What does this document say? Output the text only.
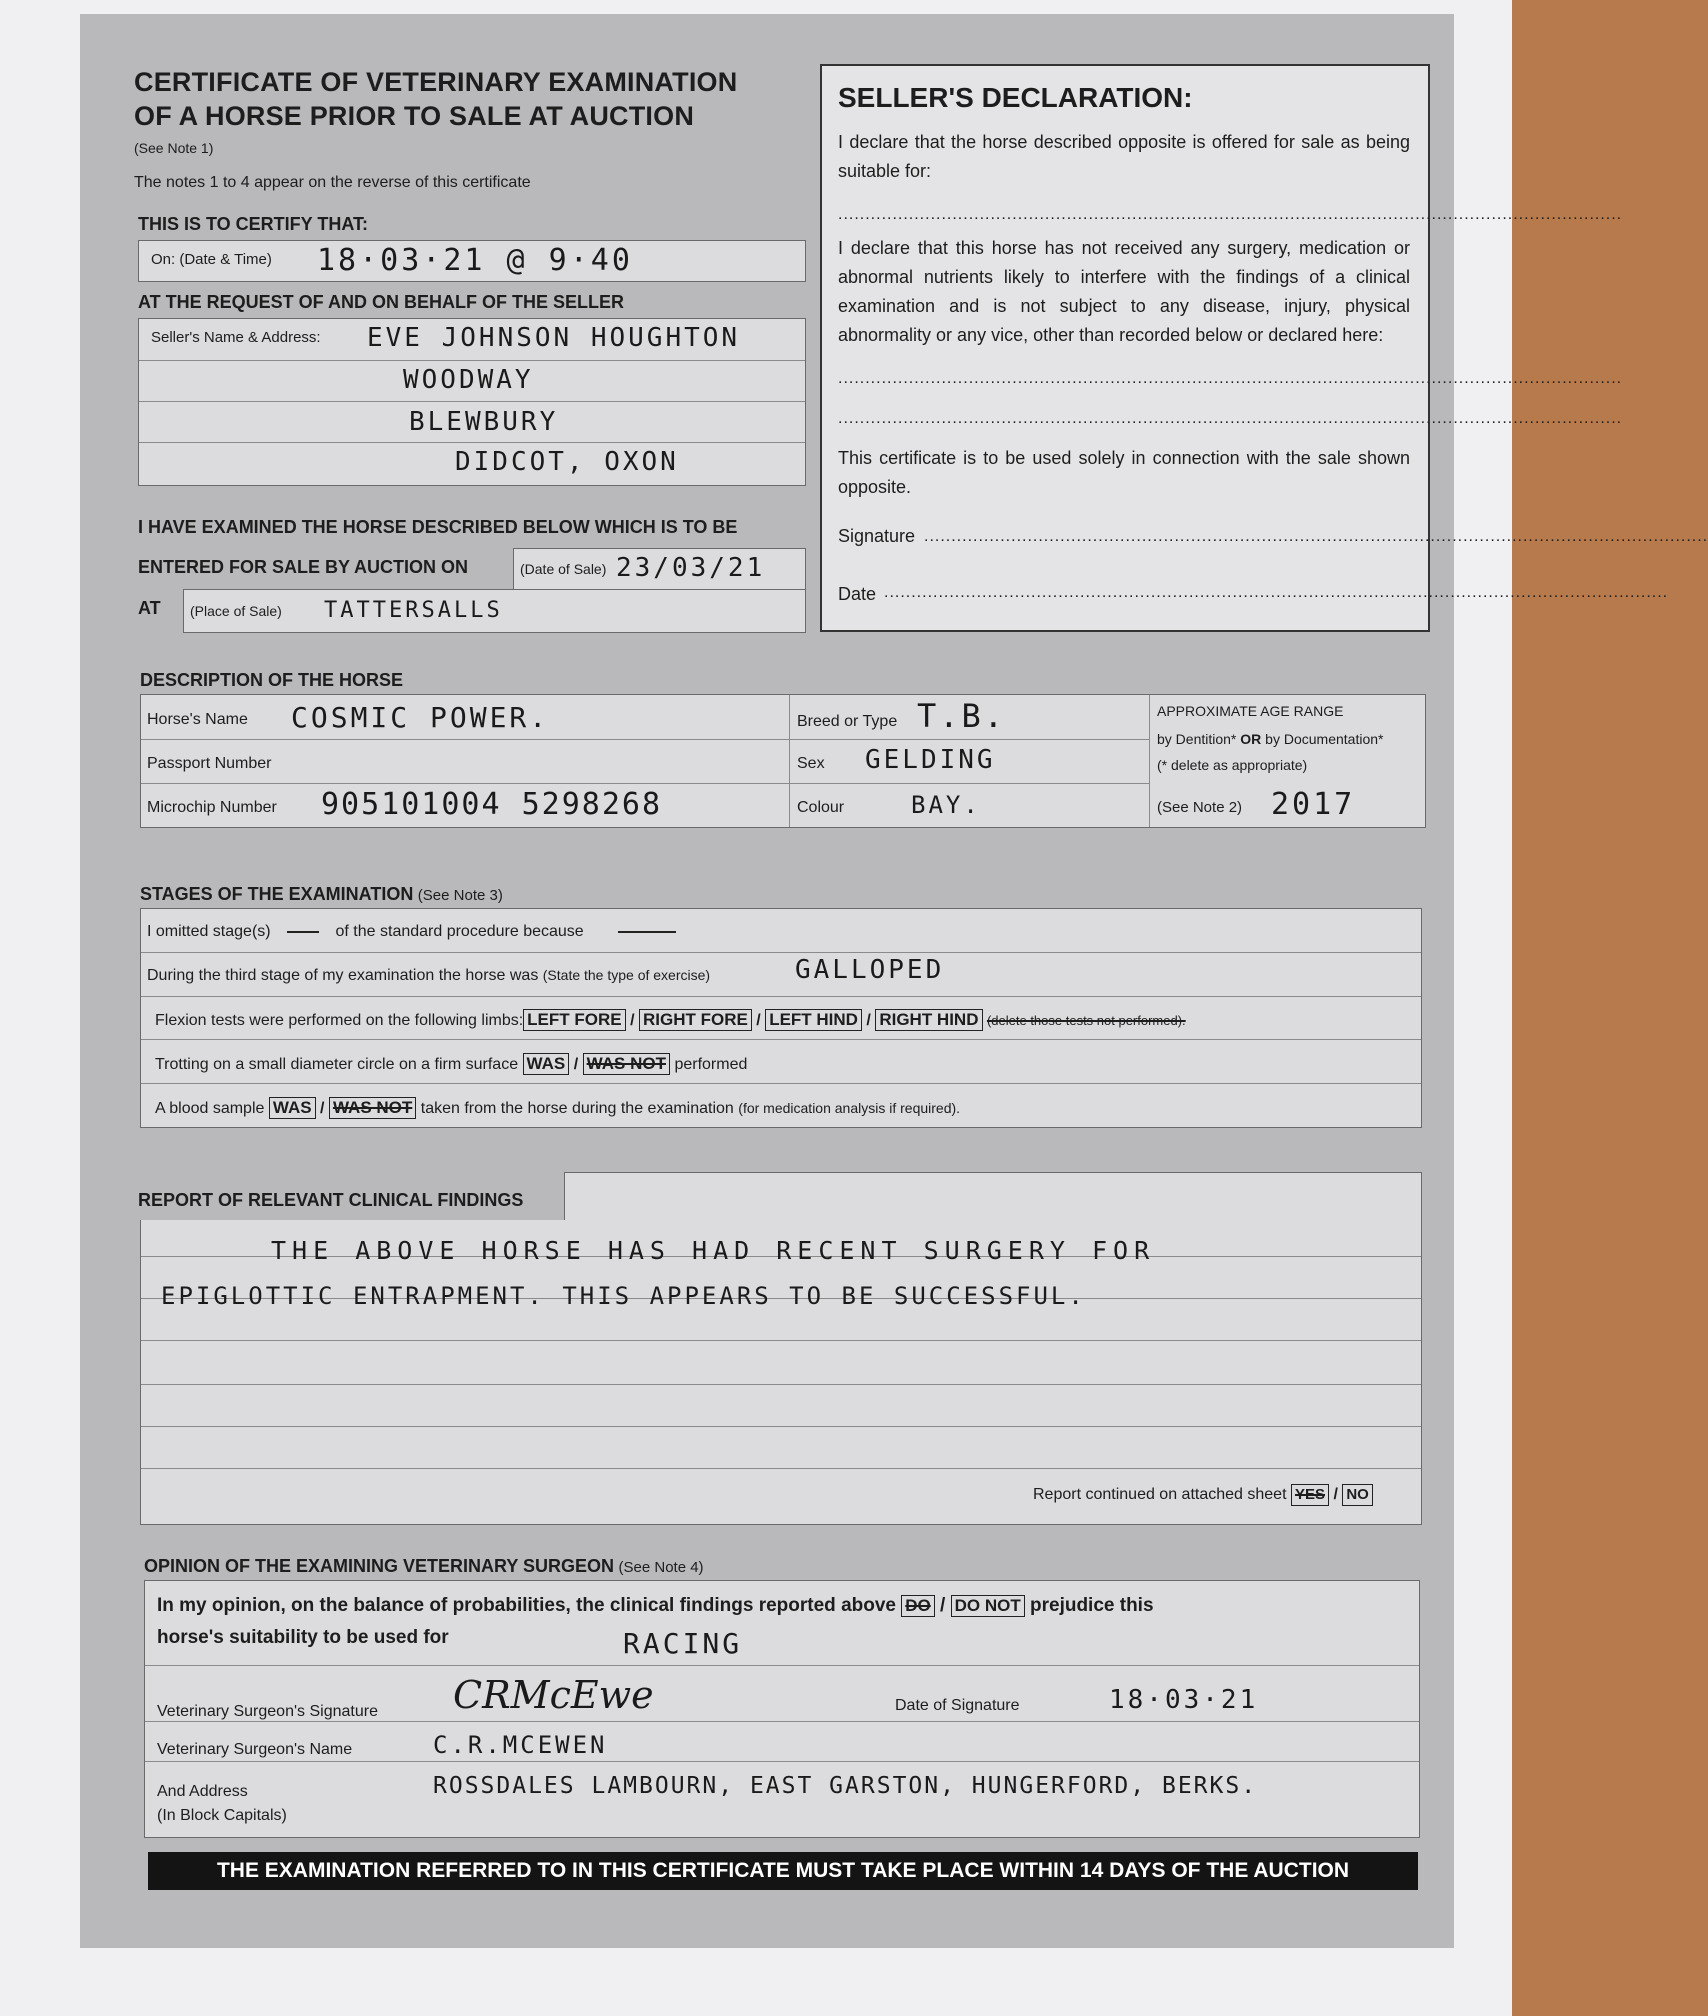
CERTIFICATE OF VETERINARY EXAMINATION
OF A HORSE PRIOR TO SALE AT AUCTION
(See Note 1)
The notes 1 to 4 appear on the reverse of this certificate
THIS IS TO CERTIFY THAT:
On: (Date & Time) 18·03·21 @ 9·40
AT THE REQUEST OF AND ON BEHALF OF THE SELLER
Seller's Name & Address: EVE JOHNSON HOUGHTON
WOODWAY
BLEWBURY
DIDCOT, OXON
I HAVE EXAMINED THE HORSE DESCRIBED BELOW WHICH IS TO BE
ENTERED FOR SALE BY AUCTION ON	(Date of Sale) 23/03/21
AT (Place of Sale) TATTERSALLS
SELLER'S DECLARATION:
I declare that the horse described opposite is offered for sale as being suitable for:
................................................................................................................................................
I declare that this horse has not received any surgery, medication or abnormal nutrients likely to interfere with the findings of a clinical examination and is not subject to any disease, injury, physical abnormality or any vice, other than recorded below or declared here:
................................................................................................................................................
................................................................................................................................................
This certificate is to be used solely in connection with the sale shown opposite.
Signature ................................................................................................................................................
Date ................................................................................................................................................
DESCRIPTION OF THE HORSE
Horse's Name COSMIC POWER.
Passport Number
Microchip Number 905101004 5298268
Breed or Type T.B.
Sex GELDING
Colour	BAY.
APPROXIMATE AGE RANGE
by Dentition* OR by Documentation*
(* delete as appropriate)
(See Note 2) 2017
STAGES OF THE EXAMINATION (See Note 3)
I omitted stage(s)	of the standard procedure because
During the third stage of my examination the horse was (State the type of exercise)	GALLOPED
Flexion tests were performed on the following limbs: LEFT FORE / RIGHT FORE / LEFT HIND / RIGHT HIND (delete those tests not performed).
Trotting on a small diameter circle on a firm surface WAS / WAS NOT performed
A blood sample WAS / WAS NOT taken from the horse during the examination (for medication analysis if required).
REPORT OF RELEVANT CLINICAL FINDINGS
THE ABOVE HORSE HAS HAD RECENT SURGERY FOR
EPIGLOTTIC ENTRAPMENT. THIS APPEARS TO BE SUCCESSFUL.
Report continued on attached sheet YES / NO
OPINION OF THE EXAMINING VETERINARY SURGEON (See Note 4)
In my opinion, on the balance of probabilities, the clinical findings reported above DO / DO NOT prejudice this
horse's suitability to be used for	RACING
Veterinary Surgeon's Signature CRMcEwe	Date of Signature	18·03·21
Veterinary Surgeon's Name	C.R.MCEWEN
And Address
(In Block Capitals)
ROSSDALES LAMBOURN, EAST GARSTON, HUNGERFORD, BERKS.
THE EXAMINATION REFERRED TO IN THIS CERTIFICATE MUST TAKE PLACE WITHIN 14 DAYS OF THE AUCTION
